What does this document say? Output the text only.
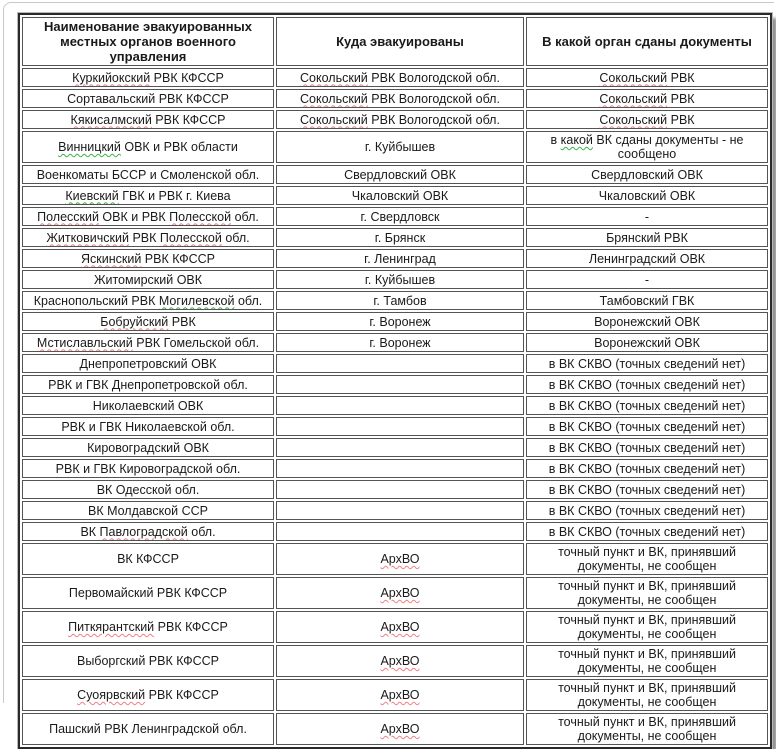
Наименование эвакуированных местных органов военного управления	Куда эвакуированы	В какой орган сданы документы
Куркийокский РВК КФССР	Сокольский РВК Вологодской обл.	Сокольский РВК
Сортавальский РВК КФССР	Сокольский РВК Вологодской обл.	Сокольский РВК
Кякисалмский РВК КФССР	Сокольский РВК Вологодской обл.	Сокольский РВК
Винницкий ОВК и РВК области	г. Куйбышев	в какой ВК сданы документы - не сообщено
Военкоматы БССР и Смоленской обл.	Свердловский ОВК	Свердловский ОВК
Киевский ГВК и РВК г. Киева	Чкаловский ОВК	Чкаловский ОВК
Полесский ОВК и РВК Полесской обл.	г. Свердловск	-
Житковичский РВК Полесской обл.	г. Брянск	Брянский РВК
Яскинский РВК КФССР	г. Ленинград	Ленинградский ОВК
Житомирский ОВК	г. Куйбышев	-
Краснопольский РВК Могилевской обл.	г. Тамбов	Тамбовский ГВК
Бобруйский РВК	г. Воронеж	Воронежский ОВК
Мстиславльский РВК Гомельской обл.	г. Воронеж	Воронежский ОВК
Днепропетровский ОВК		в ВК СКВО (точных сведений нет)
РВК и ГВК Днепропетровской обл.		в ВК СКВО (точных сведений нет)
Николаевский ОВК		в ВК СКВО (точных сведений нет)
РВК и ГВК Николаевской обл.		в ВК СКВО (точных сведений нет)
Кировоградский ОВК		в ВК СКВО (точных сведений нет)
РВК и ГВК Кировоградской обл.		в ВК СКВО (точных сведений нет)
ВК Одесской обл.		в ВК СКВО (точных сведений нет)
ВК Молдавской ССР		в ВК СКВО (точных сведений нет)
ВК Павлоградской обл.		в ВК СКВО (точных сведений нет)
ВК КФССР	АрхВО	точный пункт и ВК, принявший документы, не сообщен
Первомайский РВК КФССР	АрхВО	точный пункт и ВК, принявший документы, не сообщен
Питкярантский РВК КФССР	АрхВО	точный пункт и ВК, принявший документы, не сообщен
Выборгский РВК КФССР	АрхВО	точный пункт и ВК, принявший документы, не сообщен
Суоярвский РВК КФССР	АрхВО	точный пункт и ВК, принявший документы, не сообщен
Пашский РВК Ленинградской обл.	АрхВО	точный пункт и ВК, принявший документы, не сообщен
